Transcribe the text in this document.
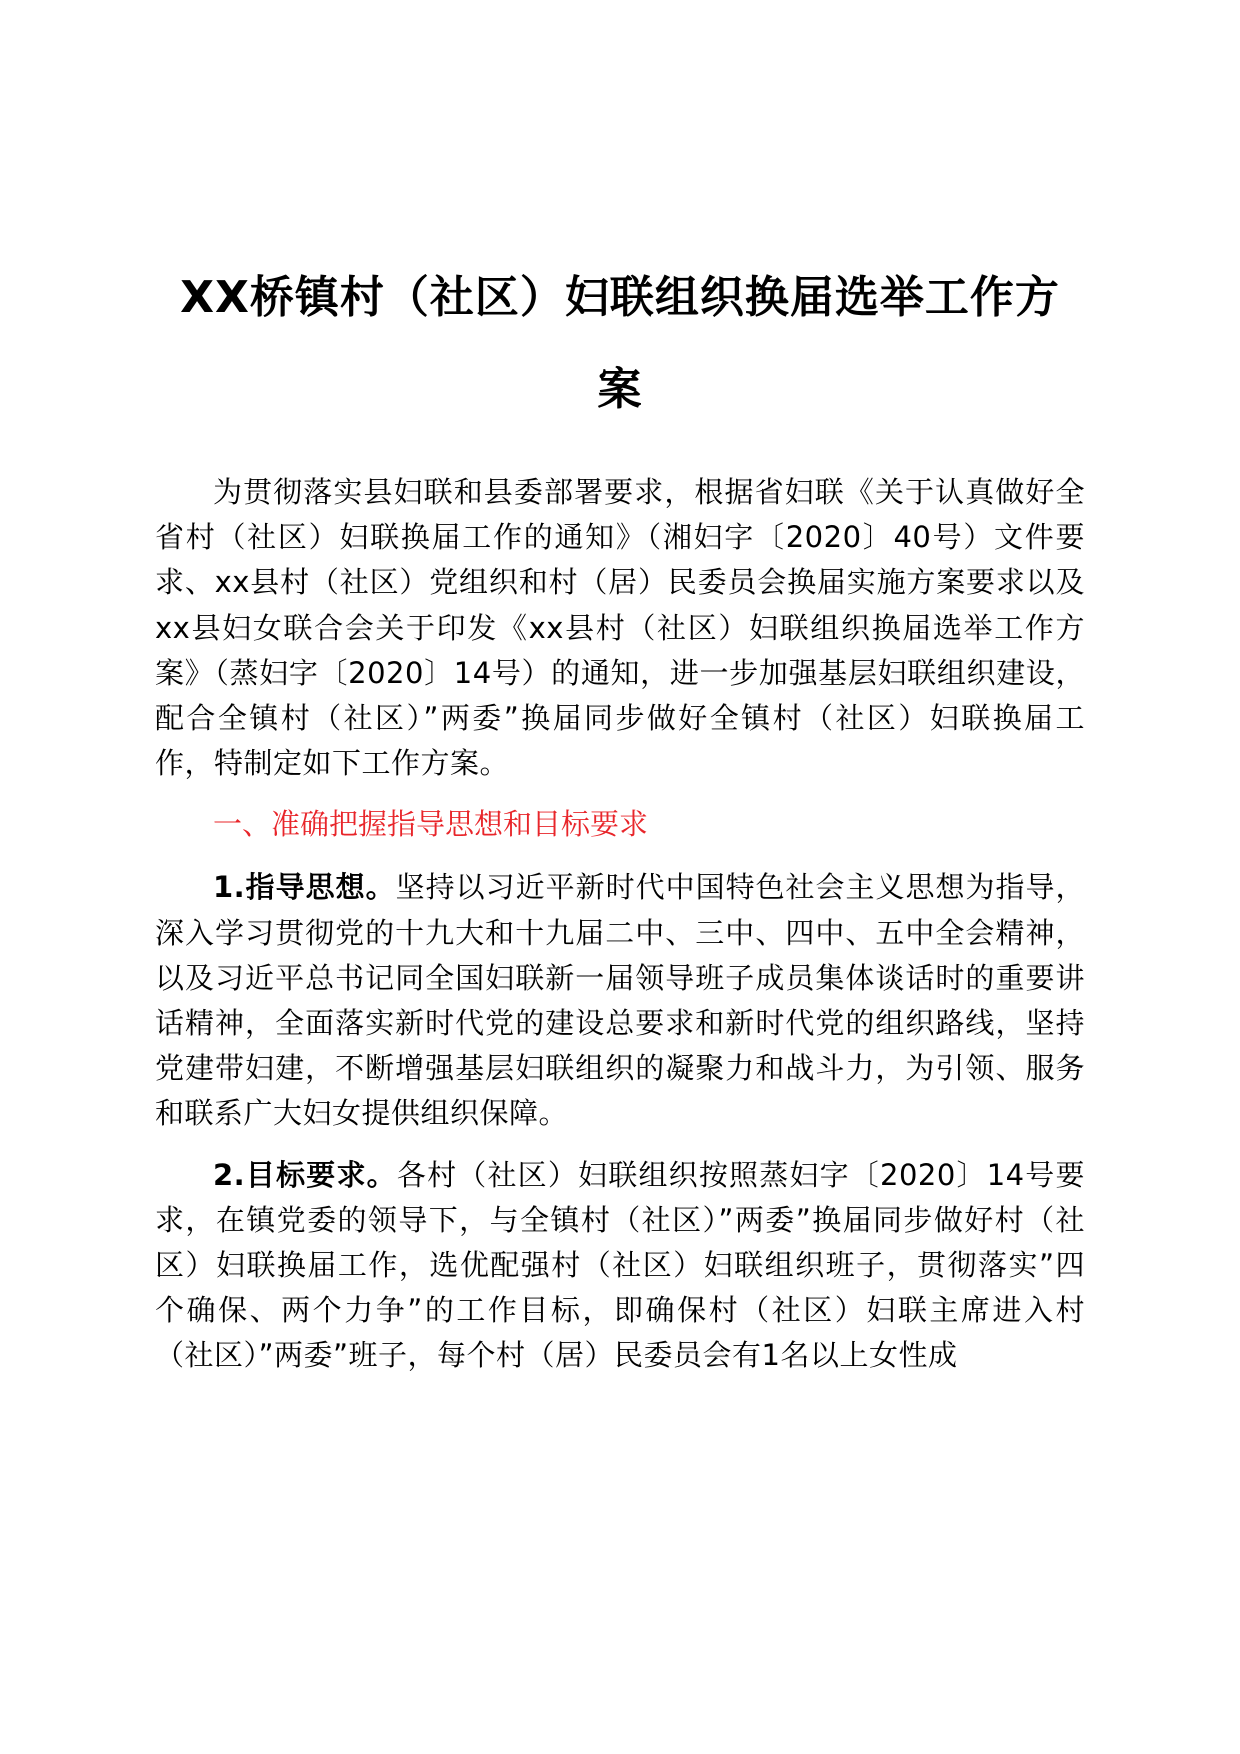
XX桥镇村（社区）妇联组织换届选举工作方
案

为贯彻落实县妇联和县委部署要求，根据省妇联《关于认真做好全省村（社区）妇联换届工作的通知》（湘妇字〔2020〕40号）文件要求、xx县村（社区）党组织和村（居）民委员会换届实施方案要求以及xx县妇女联合会关于印发《xx县村（社区）妇联组织换届选举工作方案》（蒸妇字〔2020〕14号）的通知，进一步加强基层妇联组织建设，配合全镇村（社区）”两委”换届同步做好全镇村（社区）妇联换届工作，特制定如下工作方案。

一、准确把握指导思想和目标要求

1.指导思想。坚持以习近平新时代中国特色社会主义思想为指导，深入学习贯彻党的十九大和十九届二中、三中、四中、五中全会精神，以及习近平总书记同全国妇联新一届领导班子成员集体谈话时的重要讲话精神，全面落实新时代党的建设总要求和新时代党的组织路线，坚持党建带妇建，不断增强基层妇联组织的凝聚力和战斗力，为引领、服务和联系广大妇女提供组织保障。

2.目标要求。各村（社区）妇联组织按照蒸妇字〔2020〕14号要求，在镇党委的领导下，与全镇村（社区）”两委”换届同步做好村（社区）妇联换届工作，选优配强村（社区）妇联组织班子，贯彻落实”四个确保、两个力争”的工作目标，即确保村（社区）妇联主席进入村（社区）”两委”班子，每个村（居）民委员会有1名以上女性成
